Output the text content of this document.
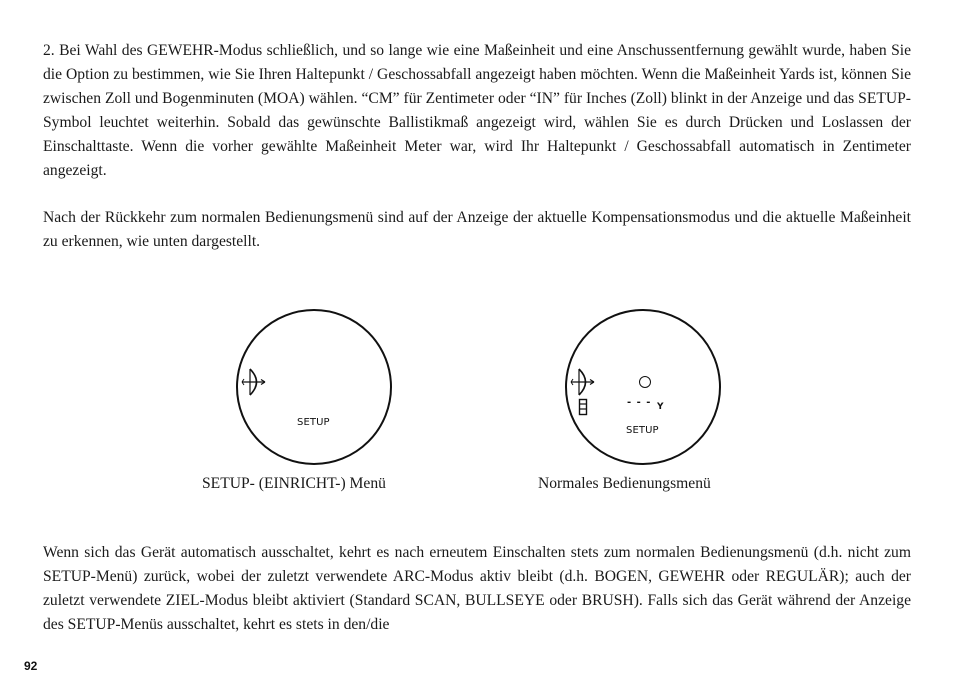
2. Bei Wahl des GEWEHR-Modus schließlich, und so lange wie eine Maßeinheit und eine Anschussentfernung gewählt wurde, haben Sie die Option zu bestimmen, wie Sie Ihren Haltepunkt / Geschossabfall angezeigt haben möchten. Wenn die Maßeinheit Yards ist, können Sie zwischen Zoll und Bogenminuten (MOA) wählen. “CM” für Zentimeter oder “IN” für Inches (Zoll) blinkt in der Anzeige und das SETUP-Symbol leuchtet weiterhin. Sobald das gewünschte Ballistikmaß angezeigt wird, wählen Sie es durch Drücken und Loslassen der Einschalttaste. Wenn die vorher gewählte Maßeinheit Meter war, wird Ihr Haltepunkt / Geschossabfall automatisch in Zentimeter angezeigt.

Nach der Rückkehr zum normalen Bedienungsmenü sind auf der Anzeige der aktuelle Kompensationsmodus und die aktuelle Maßeinheit zu erkennen, wie unten dargestellt.

SETUP
- - - Y
SETUP
SETUP- (EINRICHT-) Menü	Normales Bedienungsmenü

Wenn sich das Gerät automatisch ausschaltet, kehrt es nach erneutem Einschalten stets zum normalen Bedienungsmenü (d.h. nicht zum SETUP-Menü) zurück, wobei der zuletzt verwendete ARC-Modus aktiv bleibt (d.h. BOGEN, GEWEHR oder REGULÄR); auch der zuletzt verwendete ZIEL-Modus bleibt aktiviert (Standard SCAN, BULLSEYE oder BRUSH). Falls sich das Gerät während der Anzeige des SETUP-Menüs ausschaltet, kehrt es stets in den/die

92
